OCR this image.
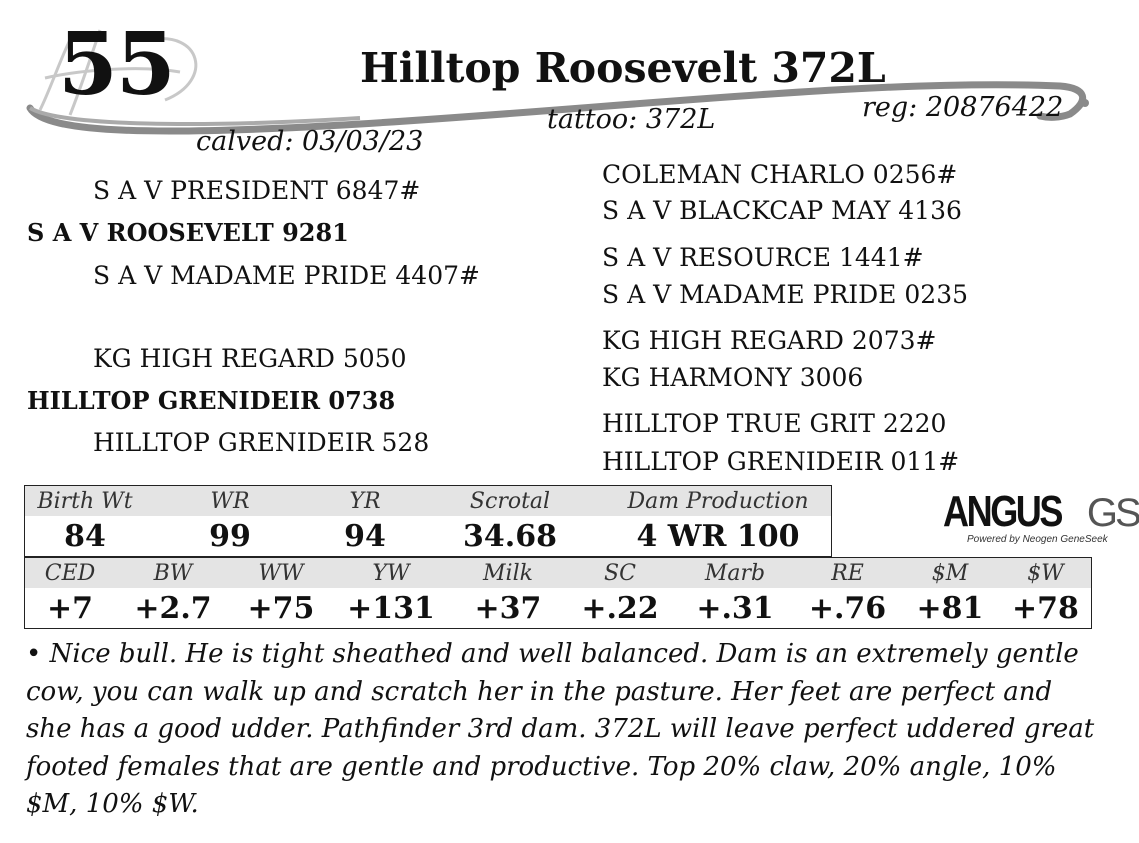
55	Hilltop Roosevelt 372L
reg: 20876422
tattoo: 372L
calved: 03/03/23
S A V PRESIDENT 6847#
S A V ROOSEVELT 9281
S A V MADAME PRIDE 4407#
KG HIGH REGARD 5050
HILLTOP GRENIDEIR 0738
HILLTOP GRENIDEIR 528
COLEMAN CHARLO 0256#
S A V BLACKCAP MAY 4136
S A V RESOURCE 1441#
S A V MADAME PRIDE 0235
KG HIGH REGARD 2073#
KG HARMONY 3006
HILLTOP TRUE GRIT 2220
HILLTOP GRENIDEIR 011#
Birth Wt	WR	YR	Scrotal	Dam Production
84	99	94	34.68	4 WR 100	ANGUS GS
Powered by Neogen GeneSeek
CED	BW	WW	YW	Milk	SC	Marb	RE	$M	$W
+7	+2.7	+75	+131	+37	+.22	+.31	+.76	+81	+78
• Nice bull. He is tight sheathed and well balanced. Dam is an extremely gentle cow, you can walk up and scratch her in the pasture. Her feet are perfect and she has a good udder. Pathfinder 3rd dam. 372L will leave perfect uddered great footed females that are gentle and productive. Top 20% claw, 20% angle, 10% $M, 10% $W.
